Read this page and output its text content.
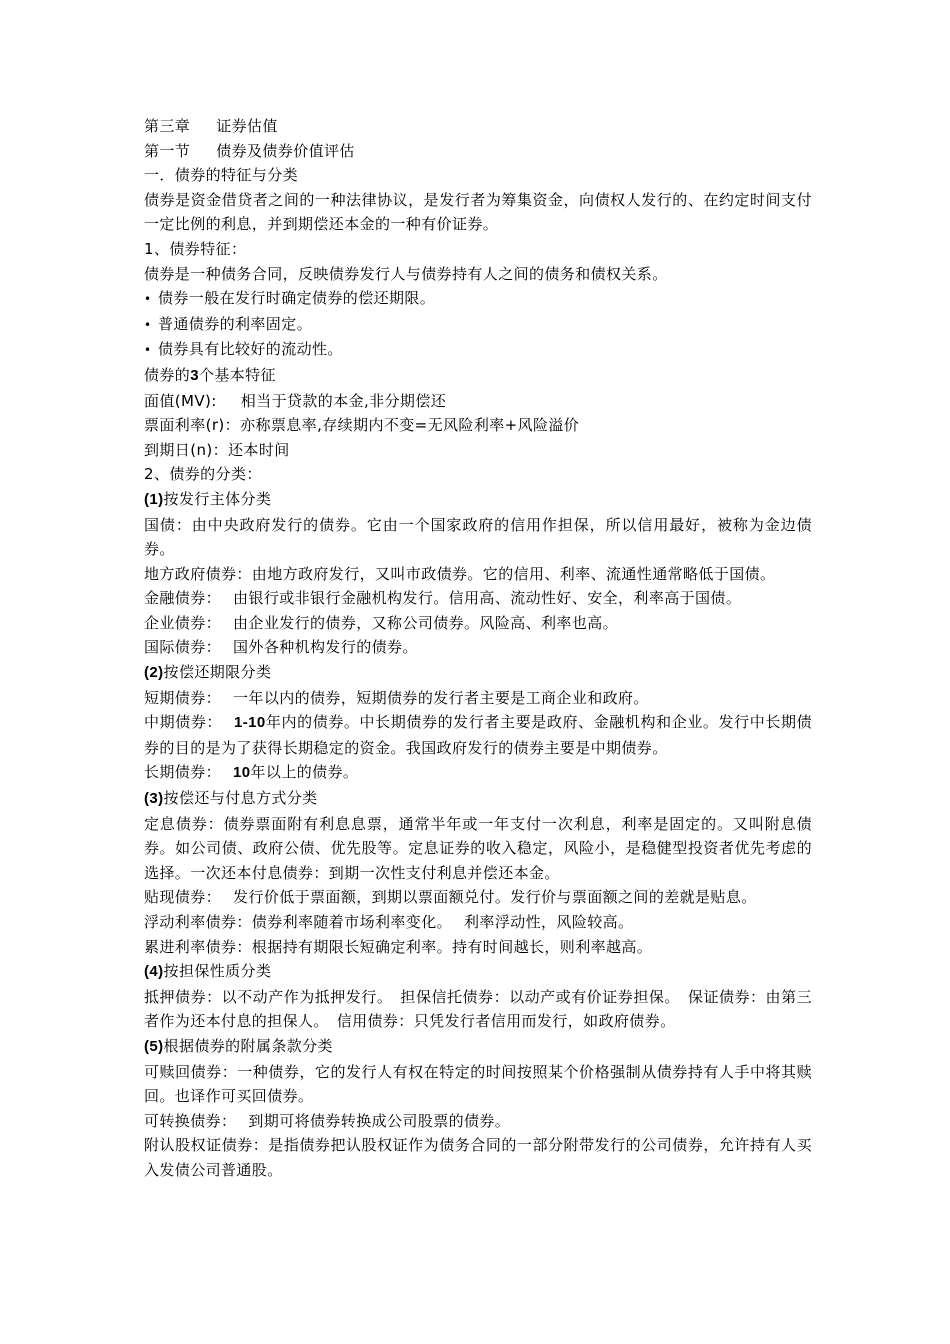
第三章 证券估值
第一节 债券及债券价值评估
一．债券的特征与分类
债券是资金借贷者之间的一种法律协议，是发行者为筹集资金，向债权人发行的、在约定时间支付一定比例的利息，并到期偿还本金的一种有价证券。
1、债券特征：
债券是一种债务合同，反映债券发行人与债券持有人之间的债务和债权关系。
• 债券一般在发行时确定债券的偿还期限。
• 普通债券的利率固定。
• 债券具有比较好的流动性。
债券的3个基本特征
面值(MV): 相当于贷款的本金,非分期偿还
票面利率(r)：亦称票息率,存续期内不变=无风险利率+风险溢价
到期日(n)：还本时间
2、债券的分类：
(1)按发行主体分类
国债：由中央政府发行的债券。它由一个国家政府的信用作担保，所以信用最好，被称为金边债券。
地方政府债券：由地方政府发行，又叫市政债券。它的信用、利率、流通性通常略低于国债。
金融债券： 由银行或非银行金融机构发行。信用高、流动性好、安全，利率高于国债。
企业债券： 由企业发行的债券，又称公司债券。风险高、利率也高。
国际债券： 国外各种机构发行的债券。
(2)按偿还期限分类
短期债券： 一年以内的债券，短期债券的发行者主要是工商企业和政府。
中期债券： 1-10年内的债券。中长期债券的发行者主要是政府、金融机构和企业。发行中长期债券的目的是为了获得长期稳定的资金。我国政府发行的债券主要是中期债券。
长期债券： 10年以上的债券。
(3)按偿还与付息方式分类
定息债券：债券票面附有利息息票，通常半年或一年支付一次利息，利率是固定的。又叫附息债券。如公司债、政府公债、优先股等。定息证券的收入稳定，风险小，是稳健型投资者优先考虑的选择。一次还本付息债券：到期一次性支付利息并偿还本金。
贴现债券： 发行价低于票面额，到期以票面额兑付。发行价与票面额之间的差就是贴息。
浮动利率债券：债券利率随着市场利率变化。 利率浮动性，风险较高。
累进利率债券：根据持有期限长短确定利率。持有时间越长，则利率越高。
(4)按担保性质分类
抵押债券：以不动产作为抵押发行。　担保信托债券：以动产或有价证券担保。　保证债券：由第三者作为还本付息的担保人。　信用债券：只凭发行者信用而发行，如政府债券。
(5)根据债券的附属条款分类
可赎回债券：一种债券，它的发行人有权在特定的时间按照某个价格强制从债券持有人手中将其赎回。也译作可买回债券。
可转换债券： 到期可将债券转换成公司股票的债券。
附认股权证债券：是指债券把认股权证作为债务合同的一部分附带发行的公司债券，允许持有人买入发债公司普通股。
